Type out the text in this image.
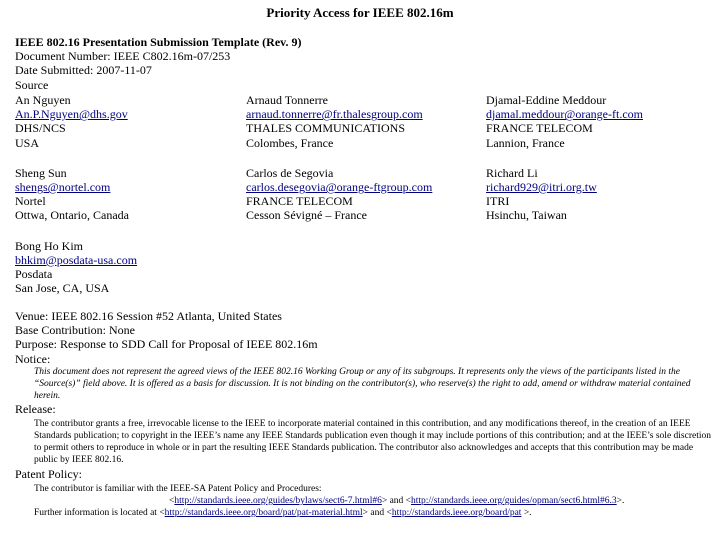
Priority Access for IEEE 802.16m
IEEE 802.16 Presentation Submission Template (Rev. 9)
Document Number: IEEE C802.16m-07/253
Date Submitted: 2007-11-07
Source
An Nguyen
An.P.Nguyen@dhs.gov
DHS/NCS
USA
Arnaud Tonnerre
arnaud.tonnerre@fr.thalesgroup.com
THALES COMMUNICATIONS
Colombes, France
Djamal-Eddine Meddour
djamal.meddour@orange-ft.com
FRANCE TELECOM
Lannion, France
Sheng Sun
shengs@nortel.com
Nortel
Ottwa, Ontario, Canada
Carlos de Segovia
carlos.desegovia@orange-ftgroup.com
FRANCE TELECOM
Cesson Sévigné – France
Richard Li
richard929@itri.org.tw
ITRI
Hsinchu, Taiwan
Bong Ho Kim
bhkim@posdata-usa.com
Posdata
San Jose, CA, USA
Venue: IEEE 802.16 Session #52 Atlanta, United States
Base Contribution: None
Purpose: Response to SDD Call for Proposal of IEEE 802.16m
Notice:
This document does not represent the agreed views of the IEEE 802.16 Working Group or any of its subgroups. It represents only the views of the participants listed in the “Source(s)” field above. It is offered as a basis for discussion. It is not binding on the contributor(s), who reserve(s) the right to add, amend or withdraw material contained herein.
Release:
The contributor grants a free, irrevocable license to the IEEE to incorporate material contained in this contribution, and any modifications thereof, in the creation of an IEEE Standards publication; to copyright in the IEEE’s name any IEEE Standards publication even though it may include portions of this contribution; and at the IEEE’s sole discretion to permit others to reproduce in whole or in part the resulting IEEE Standards publication. The contributor also acknowledges and accepts that this contribution may be made public by IEEE 802.16.
Patent Policy:
The contributor is familiar with the IEEE-SA Patent Policy and Procedures:
<http://standards.ieee.org/guides/bylaws/sect6-7.html#6> and <http://standards.ieee.org/guides/opman/sect6.html#6.3>.
Further information is located at <http://standards.ieee.org/board/pat/pat-material.html> and <http://standards.ieee.org/board/pat >.
